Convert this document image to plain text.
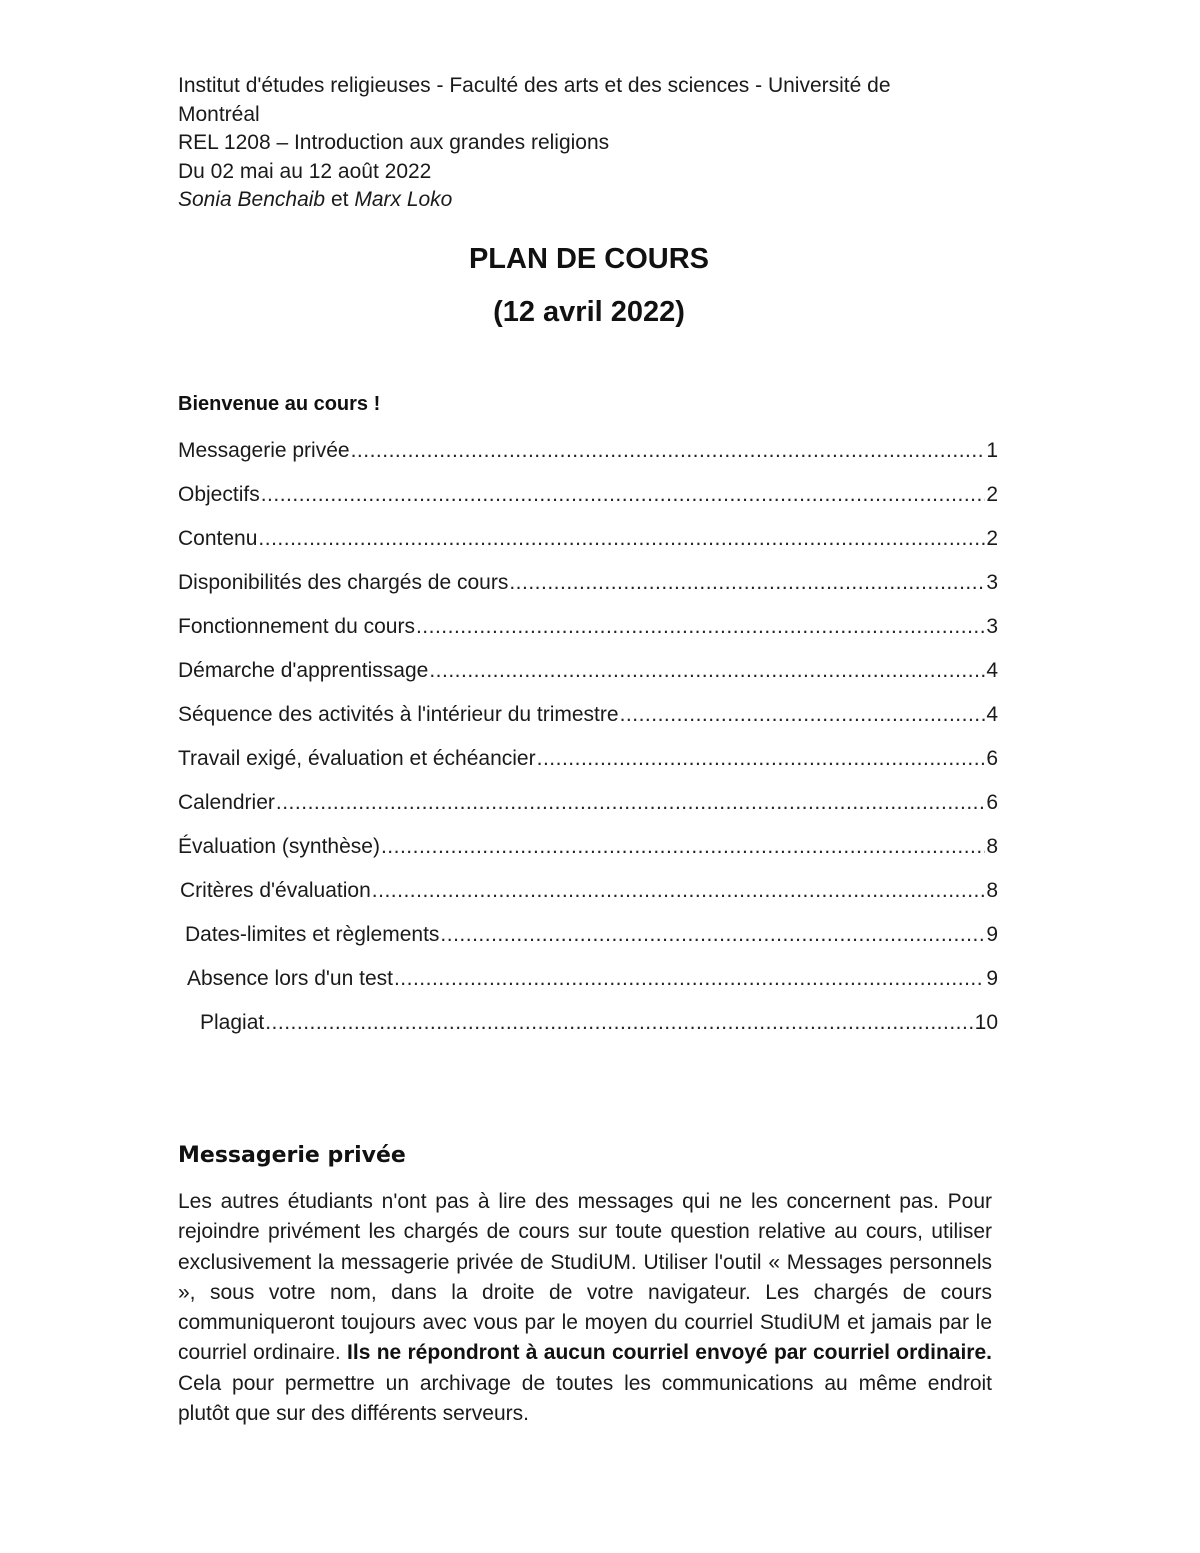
Institut d'études religieuses - Faculté des arts et des sciences - Université de
Montréal
REL 1208 – Introduction aux grandes religions
Du 02 mai au 12 août 2022
Sonia Benchaib et Marx Loko
PLAN DE COURS
(12 avril 2022)
Bienvenue au cours !
Messagerie privée .....	1
Objectifs .....	2
Contenu .....	2
Disponibilités des chargés de cours .....	3
Fonctionnement du cours .....	3
Démarche d'apprentissage .....	4
Séquence des activités à l'intérieur du trimestre .....	4
Travail exigé, évaluation et échéancier .....	6
Calendrier .....	6
Évaluation (synthèse) .....	8
Critères d'évaluation .....	8
Dates-limites et règlements .....	9
Absence lors d'un test .....	9
Plagiat .....	10
Messagerie privée
Les autres étudiants n'ont pas à lire des messages qui ne les concernent pas. Pour rejoindre privément les chargés de cours sur toute question relative au cours, utiliser exclusivement la messagerie privée de StudiUM. Utiliser l'outil « Messages personnels », sous votre nom, dans la droite de votre navigateur. Les chargés de cours communiqueront toujours avec vous par le moyen du courriel StudiUM et jamais par le courriel ordinaire. Ils ne répondront à aucun courriel envoyé par courriel ordinaire. Cela pour permettre un archivage de toutes les communications au même endroit plutôt que sur des différents serveurs.
